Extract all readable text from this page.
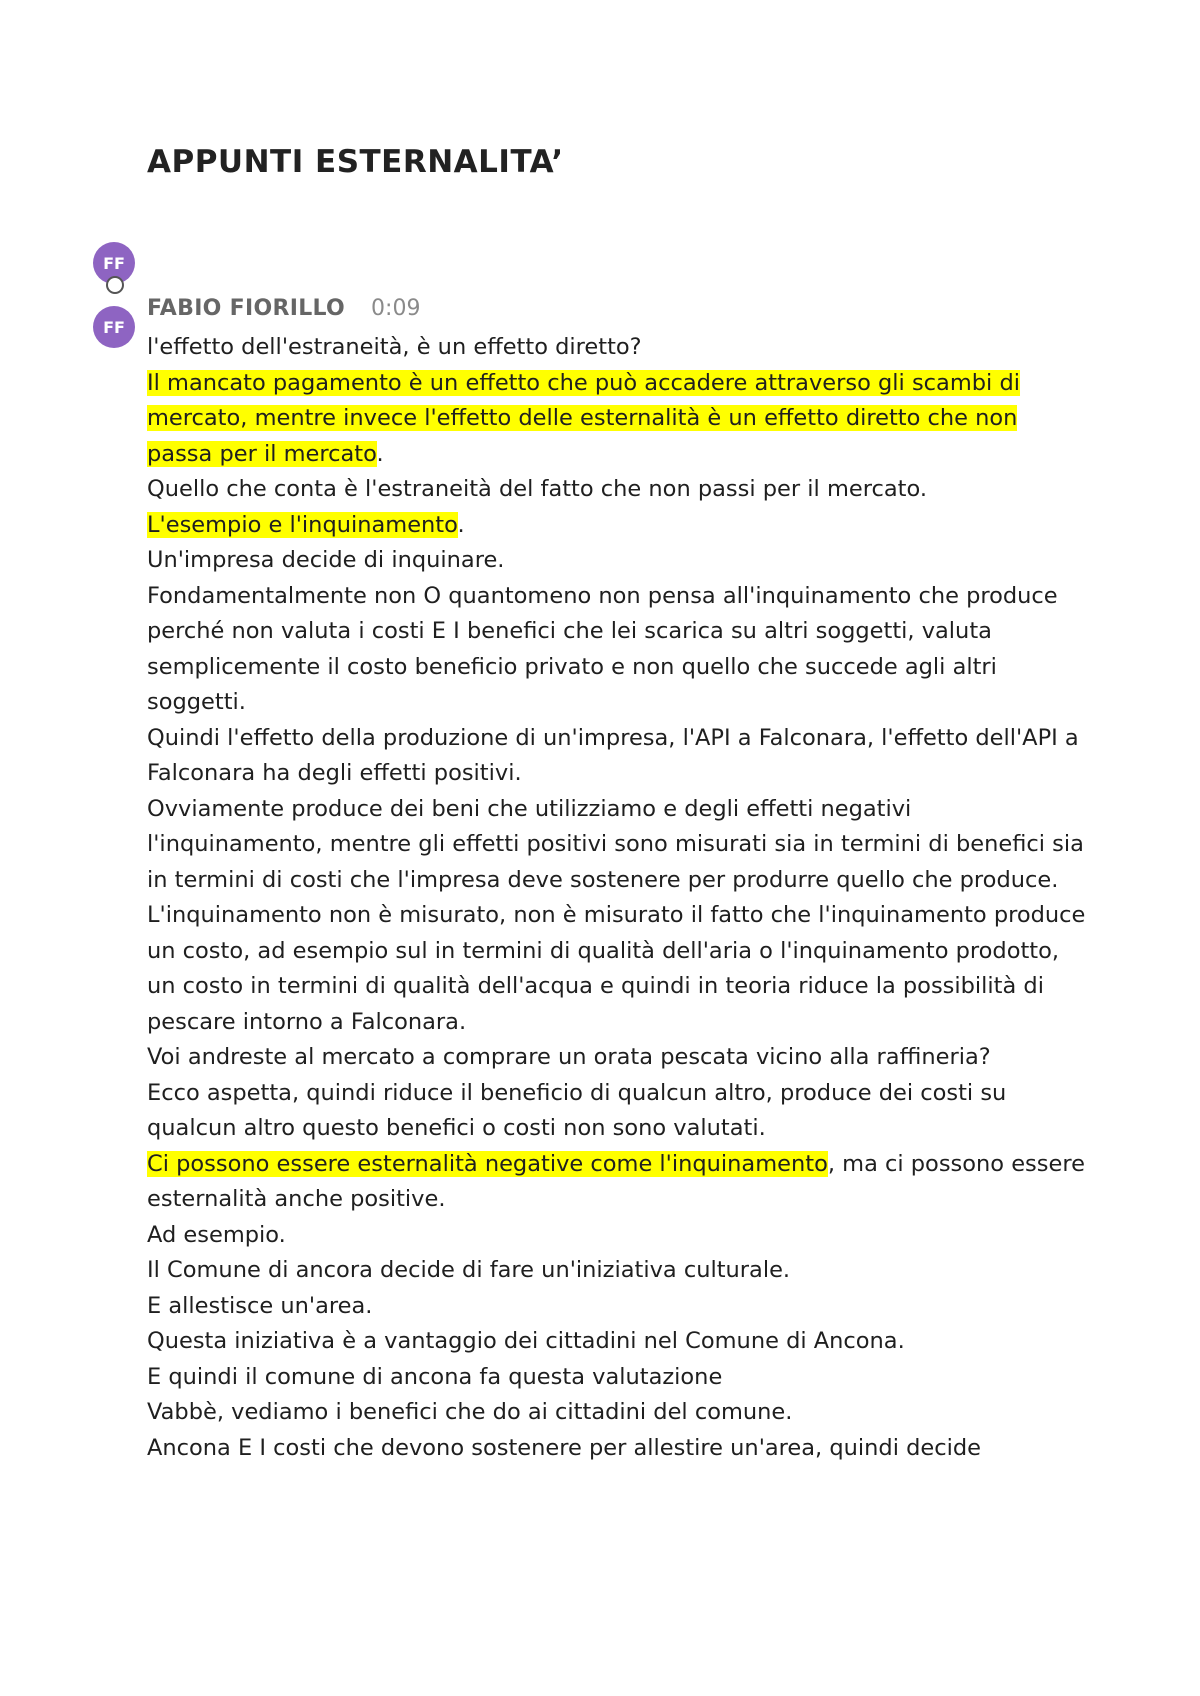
APPUNTI ESTERNALITA’
FF
FF
FABIO FIORILLO 0:09

l'effetto dell'estraneità, è un effetto diretto?

Il mancato pagamento è un effetto che può accadere attraverso gli scambi di mercato, mentre invece l'effetto delle esternalità è un effetto diretto che non passa per il mercato.

Quello che conta è l'estraneità del fatto che non passi per il mercato.

L'esempio e l'inquinamento.

Un'impresa decide di inquinare.

Fondamentalmente non O quantomeno non pensa all'inquinamento che produce perché non valuta i costi E I benefici che lei scarica su altri soggetti, valuta semplicemente il costo beneficio privato e non quello che succede agli altri soggetti.

Quindi l'effetto della produzione di un'impresa, l'API a Falconara, l'effetto dell'API a Falconara ha degli effetti positivi.

Ovviamente produce dei beni che utilizziamo e degli effetti negativi l'inquinamento, mentre gli effetti positivi sono misurati sia in termini di benefici sia in termini di costi che l'impresa deve sostenere per produrre quello che produce.

L'inquinamento non è misurato, non è misurato il fatto che l'inquinamento produce un costo, ad esempio sul in termini di qualità dell'aria o l'inquinamento prodotto, un costo in termini di qualità dell'acqua e quindi in teoria riduce la possibilità di pescare intorno a Falconara.

Voi andreste al mercato a comprare un orata pescata vicino alla raffineria?

Ecco aspetta, quindi riduce il beneficio di qualcun altro, produce dei costi su qualcun altro questo benefici o costi non sono valutati.

Ci possono essere esternalità negative come l'inquinamento, ma ci possono essere esternalità anche positive.

Ad esempio.

Il Comune di ancora decide di fare un'iniziativa culturale.

E allestisce un'area.

Questa iniziativa è a vantaggio dei cittadini nel Comune di Ancona.

E quindi il comune di ancona fa questa valutazione

Vabbè, vediamo i benefici che do ai cittadini del comune.

Ancona E I costi che devono sostenere per allestire un'area, quindi decide
